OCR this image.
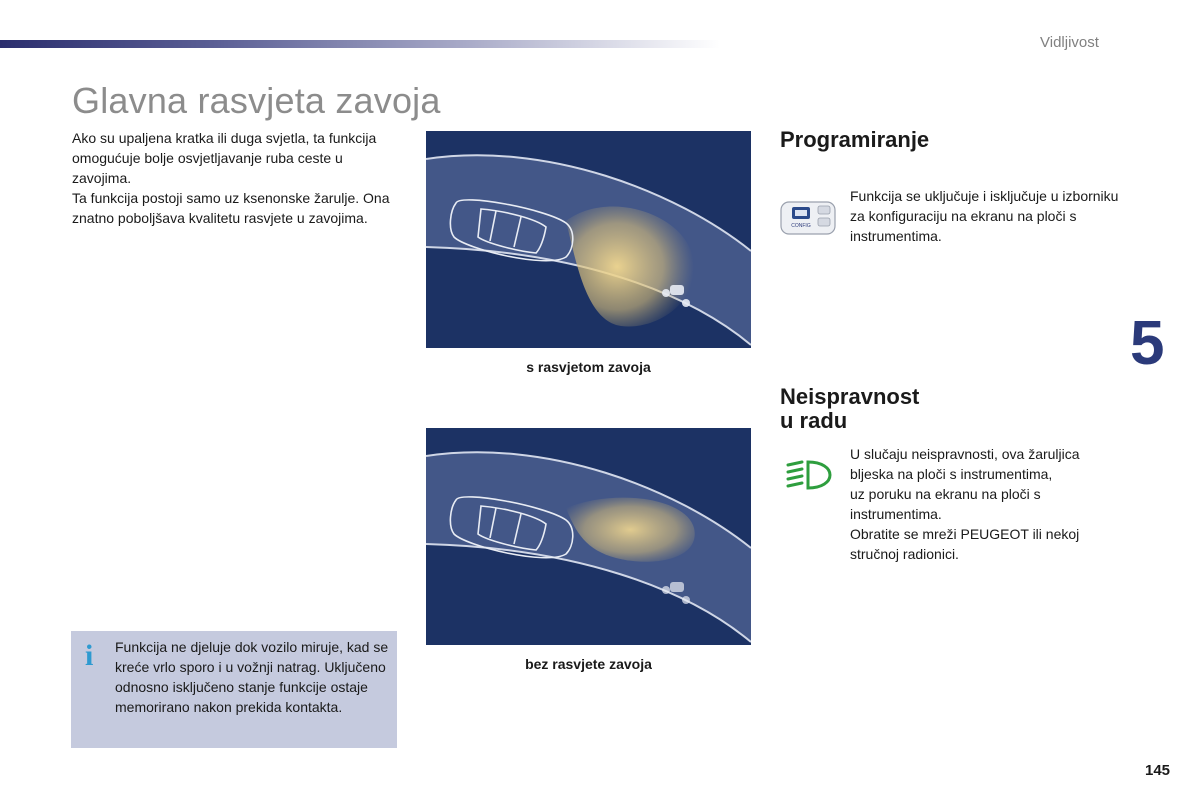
Vidljivost
Glavna rasvjeta zavoja

Ako su upaljena kratka ili duga svjetla, ta funkcija omogućuje bolje osvjetljavanje ruba ceste u zavojima.

Ta funkcija postoji samo uz ksenonske žarulje. Ona znatno poboljšava kvalitetu rasvjete u zavojima.

s rasvjetom zavoja
bez rasvjete zavoja
Programiranje
CONFIG
Funkcija se uključuje i isključuje u izborniku za konfiguraciju na ekranu na ploči s instrumentima.
Neispravnost
u radu

U slučaju neispravnosti, ova žaruljica bljeska na ploči s instrumentima,

uz poruku na ekranu na ploči s instrumentima.

Obratite se mreži PEUGEOT ili nekoj stručnoj radionici.

5
i Funkcija ne djeluje dok vozilo miruje, kad se kreće vrlo sporo i u vožnji natrag. Uključeno odnosno isključeno stanje funkcije ostaje memorirano nakon prekida kontakta.
145
